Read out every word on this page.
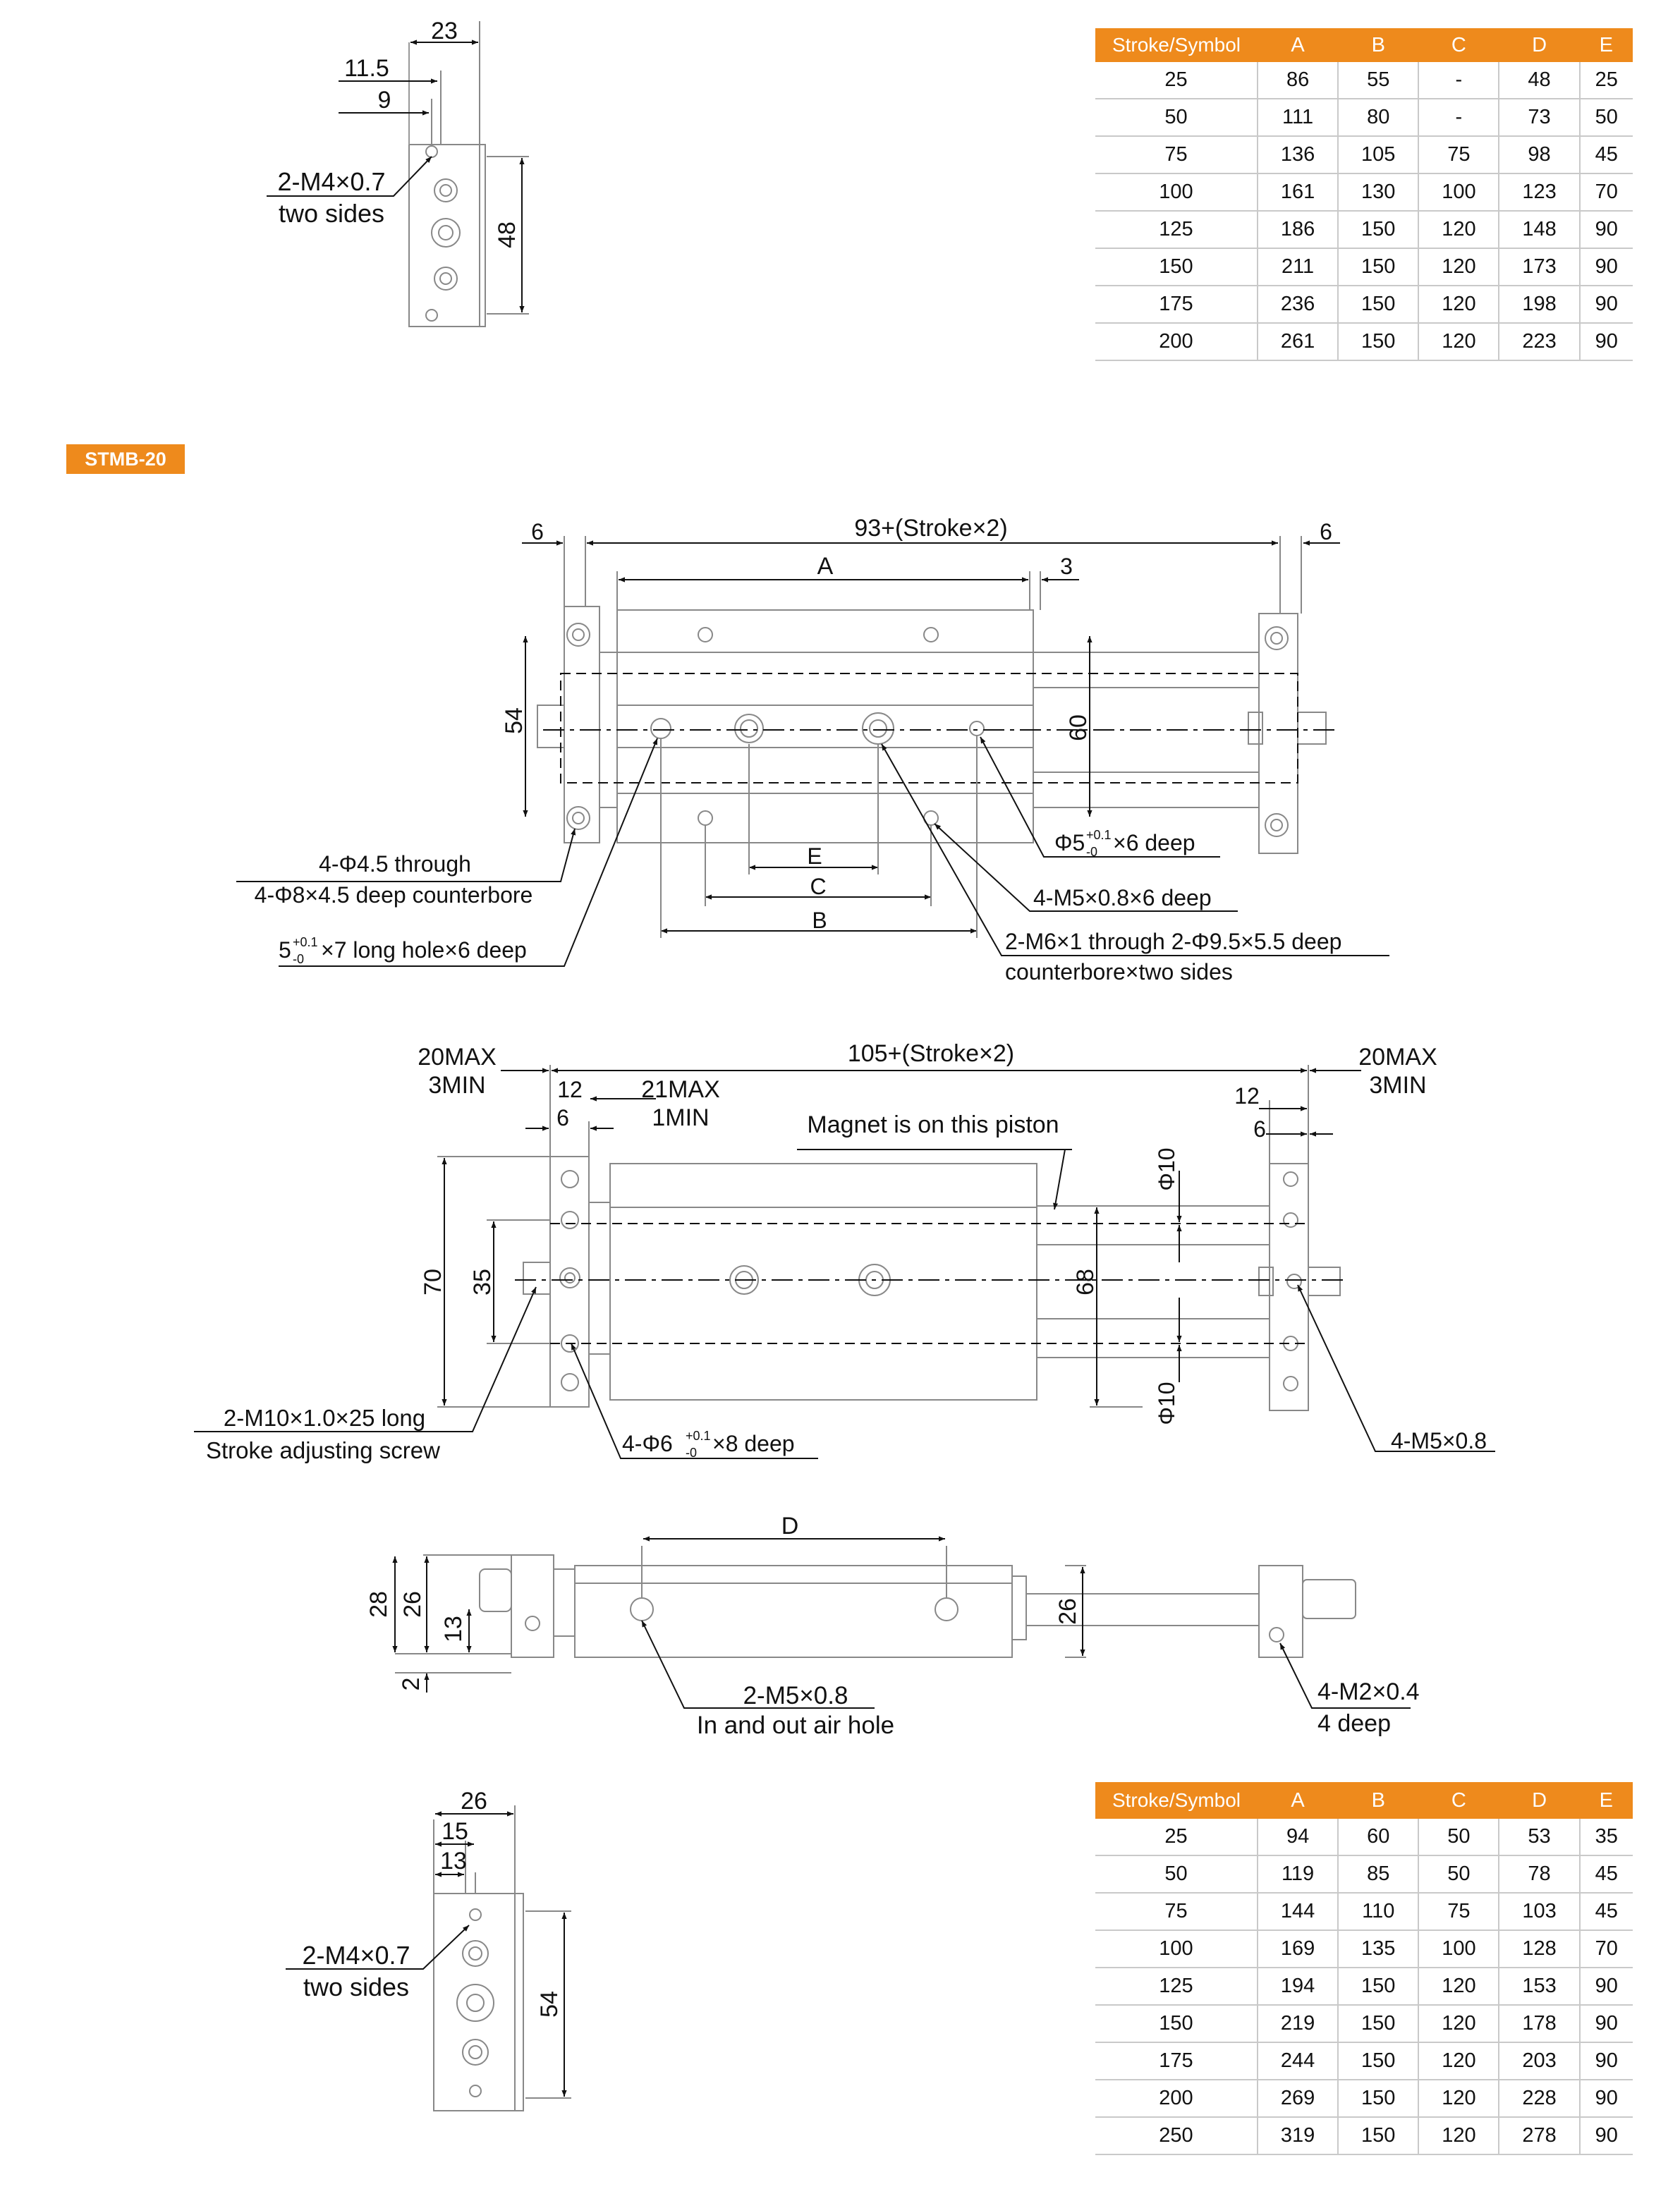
23
11.5
9
48
2-M4×0.7
two sides
6	93+(Stroke×2)	6
A	3
54	60
E
C
B
4-Φ4.5 through
4-Φ8×4.5 deep counterbore
5 +0.1
-0 ×7 long hole×6 deep
Φ5 +0.1
-0 ×6 deep
4-M5×0.8×6 deep
2-M6×1 through 2-Φ9.5×5.5 deep
counterbore×two sides
20MAX
3MIN	12
6
21MAX
1MIN
105+(Stroke×2)	20MAX
3MIN
12
6
Magnet is on this piston
70 35	68
Φ10
Φ10
2-M10×1.0×25 long
Stroke adjusting screw	4-Φ6 +0.1
-0 ×8 deep	4-M5×0.8
D
28 26
13
2
26
2-M5×0.8
In and out air hole
4-M2×0.4
4 deep
26
15
13
54
2-M4×0.7
two sides
STMB-20
Stroke/Symbol	A	B	C	D	E
25	86	55	-	48	25
50	111	80	-	73	50
75	136	105	75	98	45
100	161	130	100	123	70
125	186	150	120	148	90
150	211	150	120	173	90
175	236	150	120	198	90
200	261	150	120	223	90
Stroke/Symbol	A	B	C	D	E
25	94	60	50	53	35
50	119	85	50	78	45
75	144	110	75	103	45
100	169	135	100	128	70
125	194	150	120	153	90
150	219	150	120	178	90
175	244	150	120	203	90
200	269	150	120	228	90
250	319	150	120	278	90
